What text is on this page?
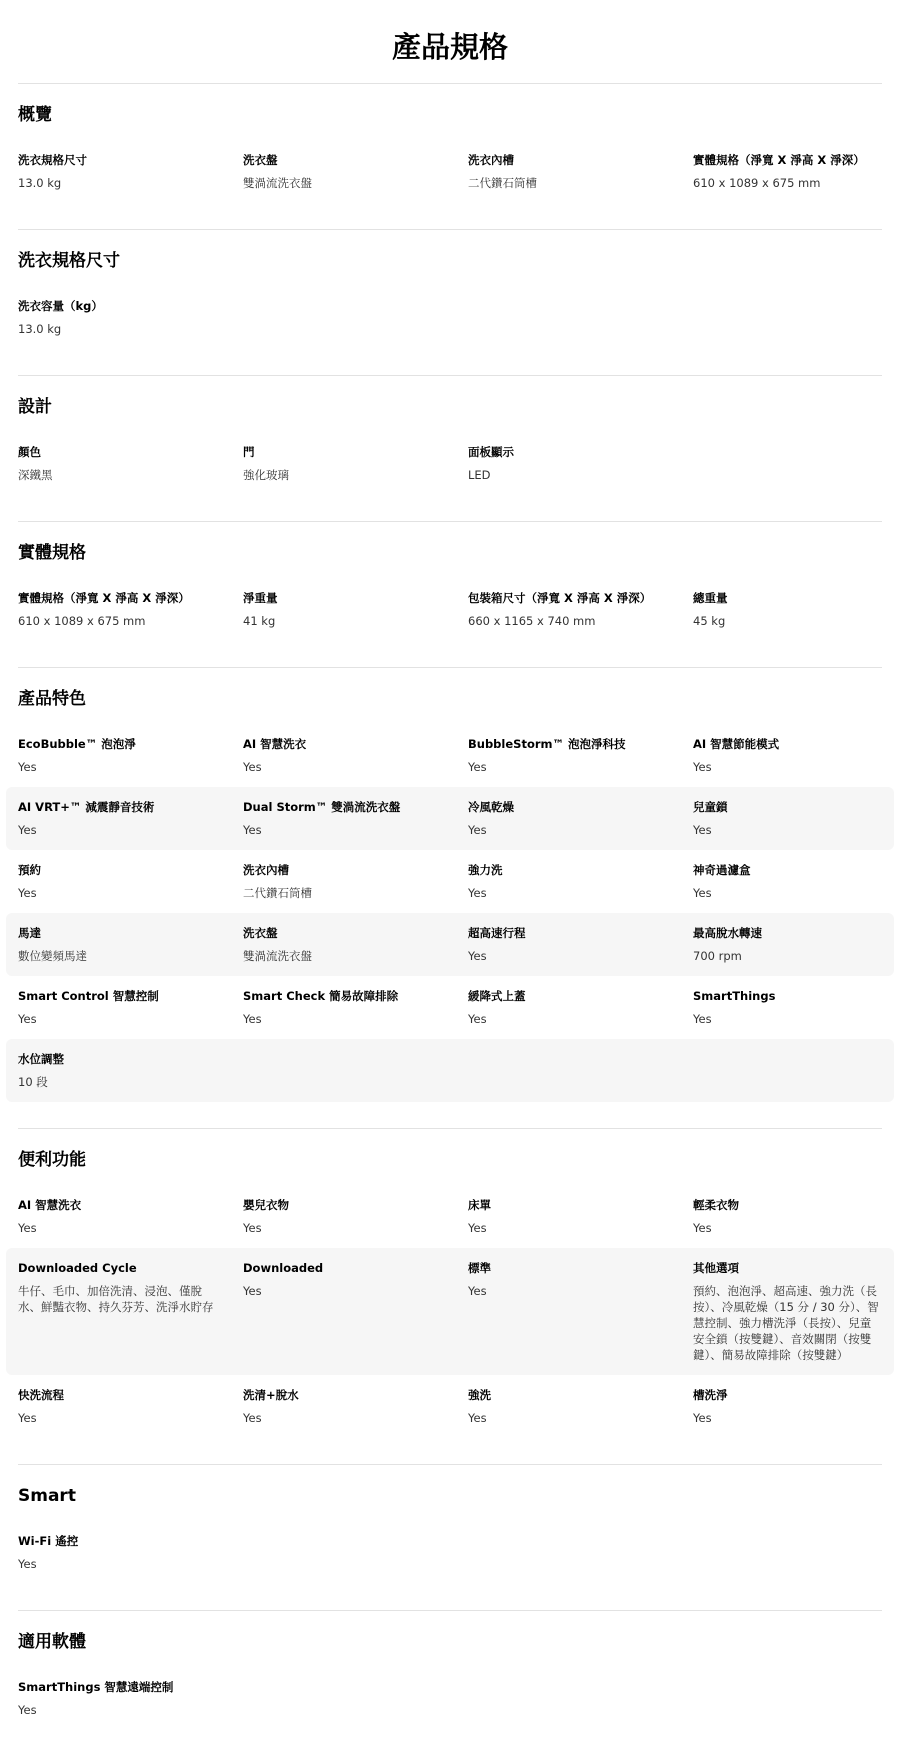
產品規格
概覽
洗衣規格尺寸
13.0 kg
洗衣盤
雙渦流洗衣盤
洗衣內槽
二代鑽石筒槽
實體規格（淨寬 X 淨高 X 淨深）
610 x 1089 x 675 mm
洗衣規格尺寸
洗衣容量（kg）
13.0 kg
設計
顏色
深鐵黑
門
強化玻璃
面板顯示
LED
實體規格
實體規格（淨寬 X 淨高 X 淨深）
610 x 1089 x 675 mm
淨重量
41 kg
包裝箱尺寸（淨寬 X 淨高 X 淨深）
660 x 1165 x 740 mm
總重量
45 kg
產品特色
EcoBubble™ 泡泡淨
Yes
AI 智慧洗衣
Yes
BubbleStorm™ 泡泡淨科技
Yes
AI 智慧節能模式
Yes
AI VRT+™ 減震靜音技術
Yes
Dual Storm™ 雙渦流洗衣盤
Yes
冷風乾燥
Yes
兒童鎖
Yes
預約
Yes
洗衣內槽
二代鑽石筒槽
強力洗
Yes
神奇過濾盒
Yes
馬達
數位變頻馬達
洗衣盤
雙渦流洗衣盤
超高速行程
Yes
最高脫水轉速
700 rpm
Smart Control 智慧控制
Yes
Smart Check 簡易故障排除
Yes
緩降式上蓋
Yes
SmartThings
Yes
水位調整
10 段
便利功能
AI 智慧洗衣
Yes
嬰兒衣物
Yes
床單
Yes
輕柔衣物
Yes
Downloaded Cycle
牛仔、毛巾、加倍洗清、浸泡、僅脫水、鮮豔衣物、持久芬芳、洗淨水貯存
Downloaded
Yes
標準
Yes
其他選項
預約、泡泡淨、超高速、強力洗（長按）、冷風乾燥（15 分 / 30 分）、智慧控制、強力槽洗淨（長按）、兒童安全鎖（按雙鍵）、音效關閉（按雙鍵）、簡易故障排除（按雙鍵）
快洗流程
Yes
洗清+脫水
Yes
強洗
Yes
槽洗淨
Yes
Smart
Wi-Fi 遙控
Yes
適用軟體
SmartThings 智慧遠端控制
Yes
